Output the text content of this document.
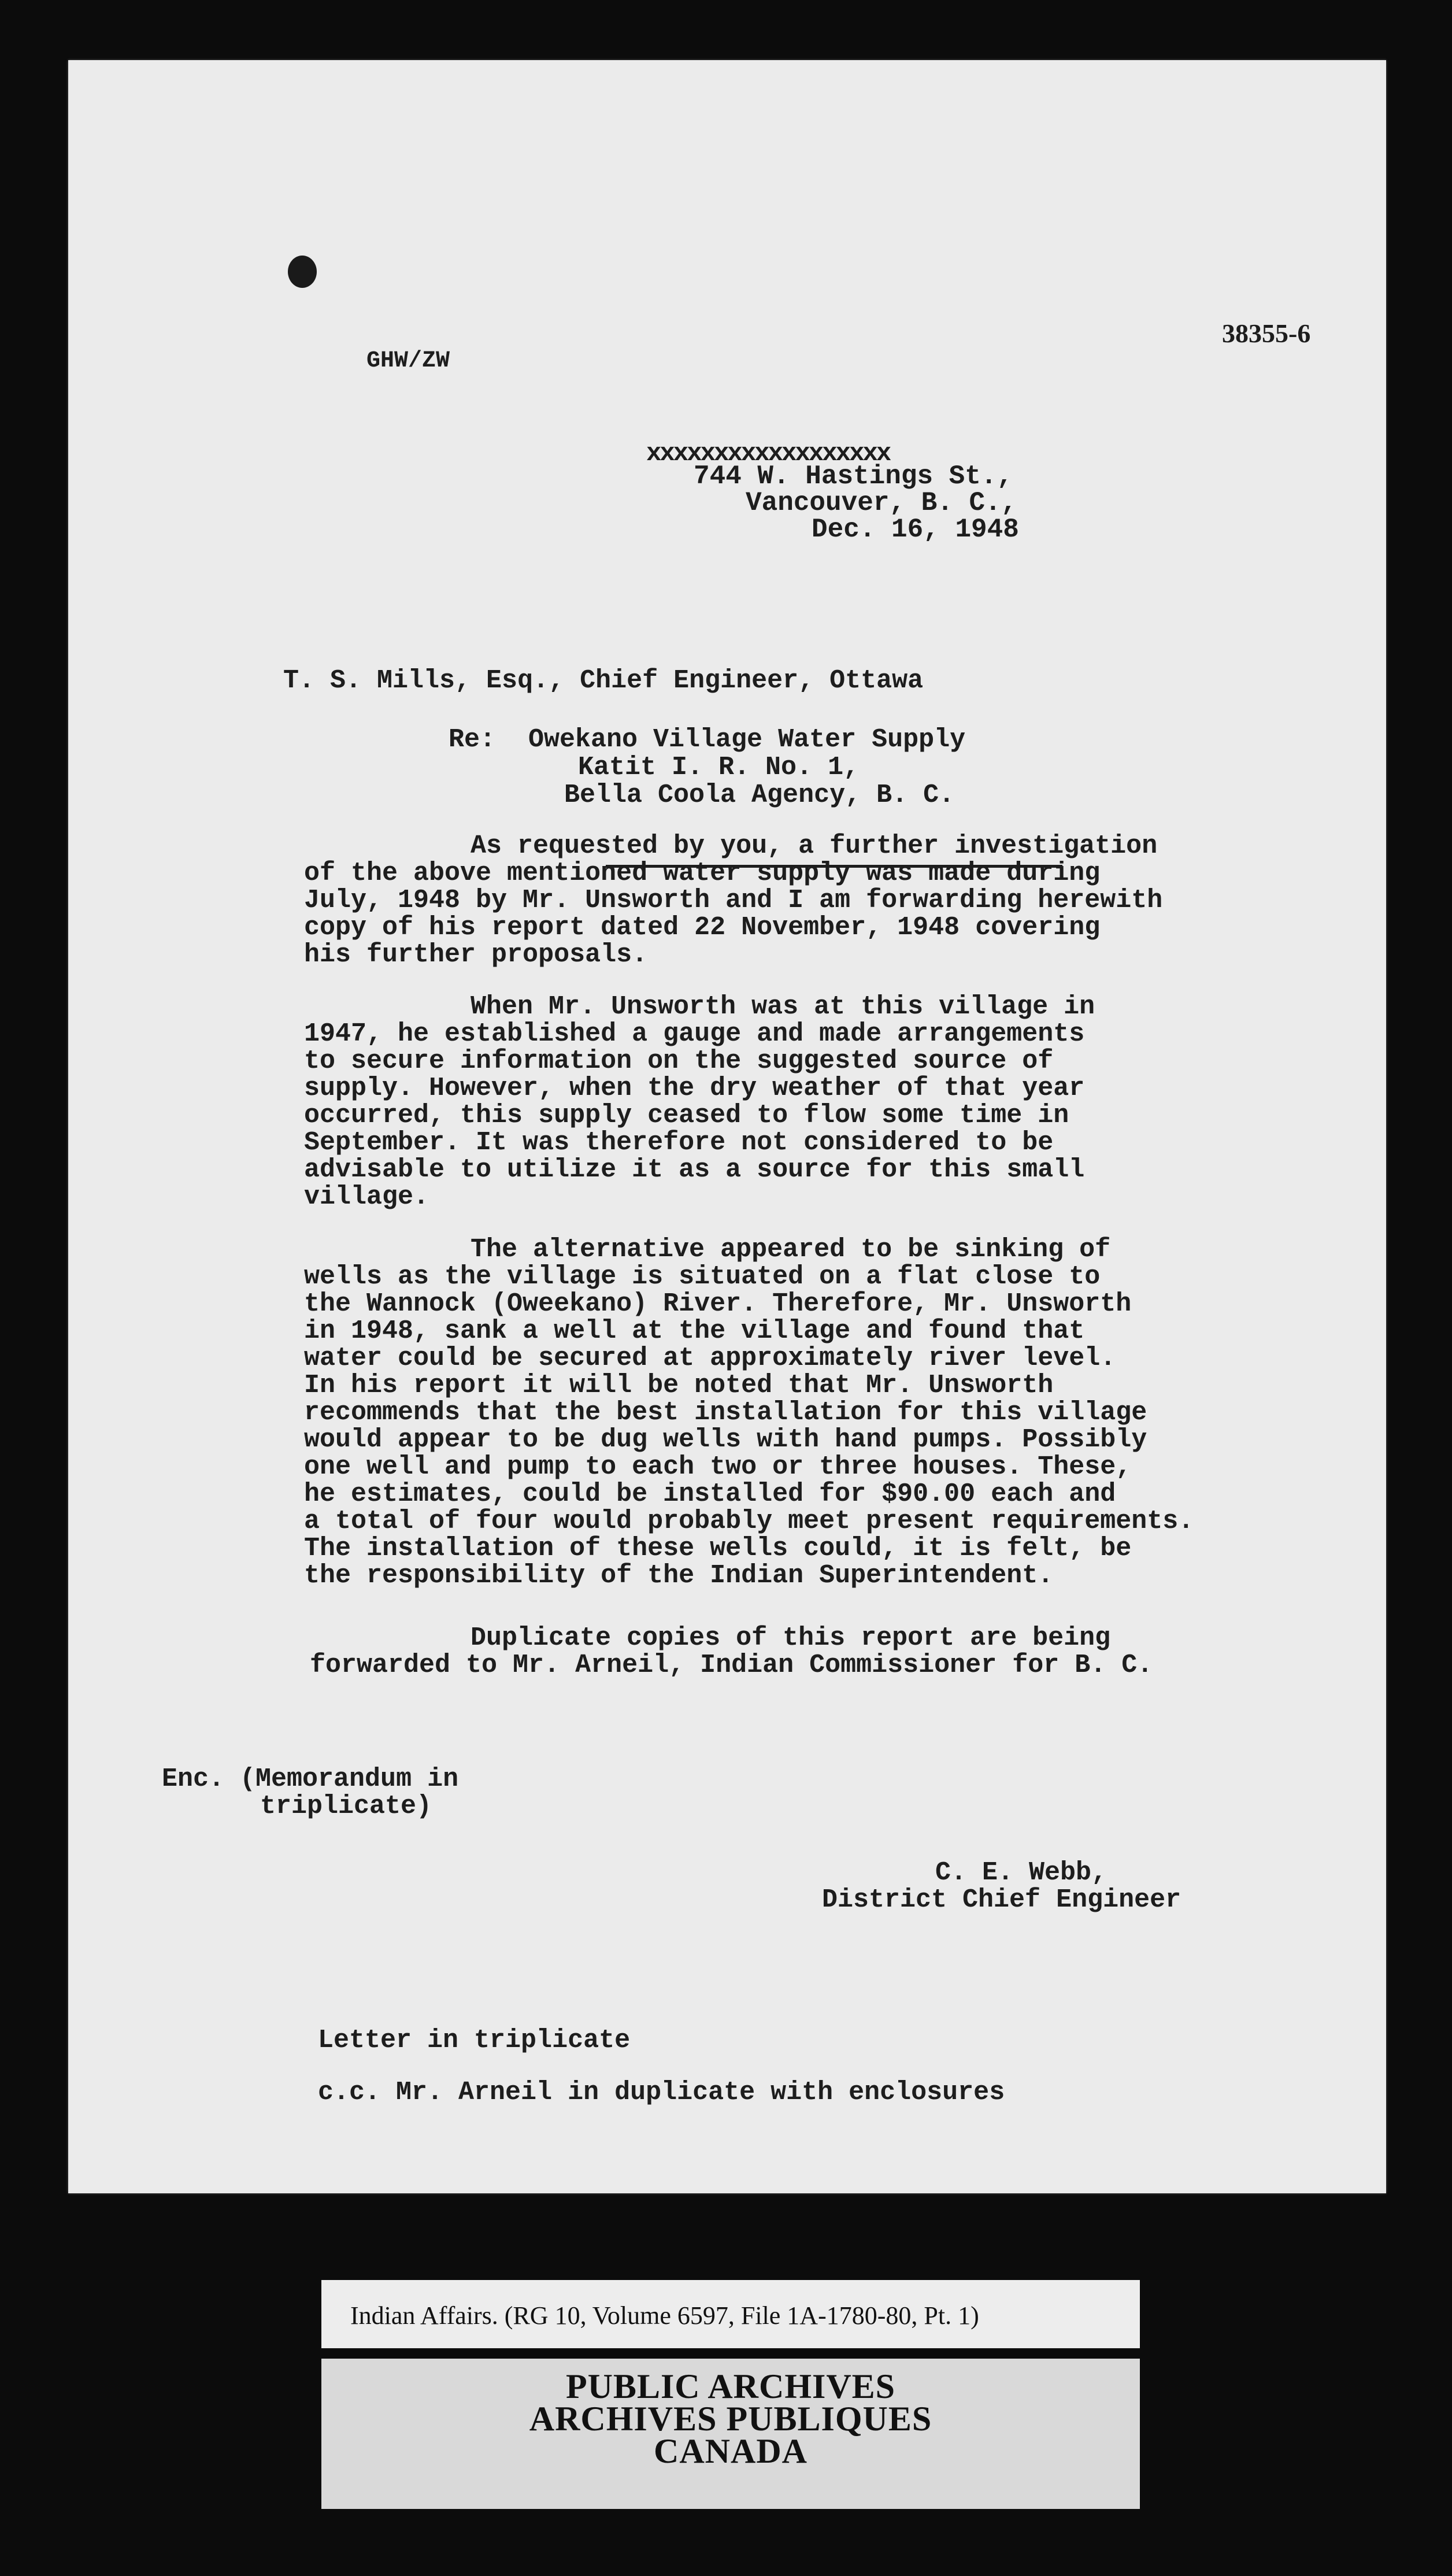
GHW/ZW
38355-6
xxxxxxxxxxxxxxxxxx
744 W. Hastings St.,
Vancouver, B. C.,
Dec. 16, 1948
T. S. Mills, Esq., Chief Engineer, Ottawa
Re: Owekano Village Water Supply
Katit I. R. No. 1,
Bella Coola Agency, B. C.
As requested by you, a further investigation
of the above mentioned water supply was made during
July, 1948 by Mr. Unsworth and I am forwarding herewith
copy of his report dated 22 November, 1948 covering
his further proposals.
When Mr. Unsworth was at this village in
1947, he established a gauge and made arrangements
to secure information on the suggested source of
supply. However, when the dry weather of that year
occurred, this supply ceased to flow some time in
September. It was therefore not considered to be
advisable to utilize it as a source for this small
village.
The alternative appeared to be sinking of
wells as the village is situated on a flat close to
the Wannock (Oweekano) River. Therefore, Mr. Unsworth
in 1948, sank a well at the village and found that
water could be secured at approximately river level.
In his report it will be noted that Mr. Unsworth
recommends that the best installation for this village
would appear to be dug wells with hand pumps. Possibly
one well and pump to each two or three houses. These,
he estimates, could be installed for $90.00 each and
a total of four would probably meet present requirements.
The installation of these wells could, it is felt, be
the responsibility of the Indian Superintendent.
Duplicate copies of this report are being
forwarded to Mr. Arneil, Indian Commissioner for B. C.
Enc. (Memorandum in
triplicate)
C. E. Webb,
District Chief Engineer
Letter in triplicate
c.c. Mr. Arneil in duplicate with enclosures
Indian Affairs. (RG 10, Volume 6597, File 1A-1780-80, Pt. 1)
PUBLIC ARCHIVES
ARCHIVES PUBLIQUES
CANADA
